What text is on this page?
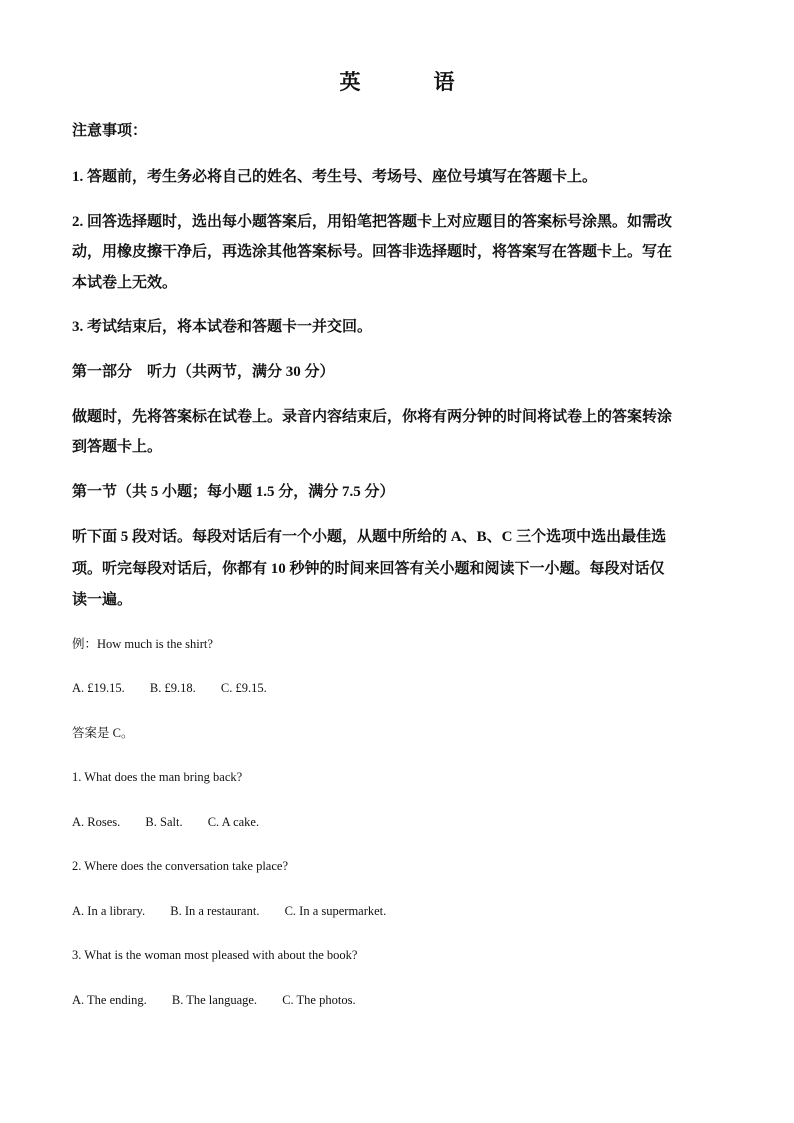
英　语
注意事项：
1. 答题前，考生务必将自己的姓名、考生号、考场号、座位号填写在答题卡上。
2. 回答选择题时，选出每小题答案后，用铅笔把答题卡上对应题目的答案标号涂黑。如需改
动，用橡皮擦干净后，再选涂其他答案标号。回答非选择题时，将答案写在答题卡上。写在
本试卷上无效。
3. 考试结束后，将本试卷和答题卡一并交回。
第一部分　听力（共两节，满分 30 分）
做题时，先将答案标在试卷上。录音内容结束后，你将有两分钟的时间将试卷上的答案转涂
到答题卡上。
第一节（共 5 小题；每小题 1.5 分，满分 7.5 分）
听下面 5 段对话。每段对话后有一个小题，从题中所给的 A、B、C 三个选项中选出最佳选
项。听完每段对话后，你都有 10 秒钟的时间来回答有关小题和阅读下一小题。每段对话仅
读一遍。
例：How much is the shirt?
A. £19.15. B. £9.18. C. £9.15.
答案是 C。
1. What does the man bring back?
A. Roses. B. Salt. C. A cake.
2. Where does the conversation take place?
A. In a library. B. In a restaurant. C. In a supermarket.
3. What is the woman most pleased with about the book?
A. The ending. B. The language. C. The photos.
